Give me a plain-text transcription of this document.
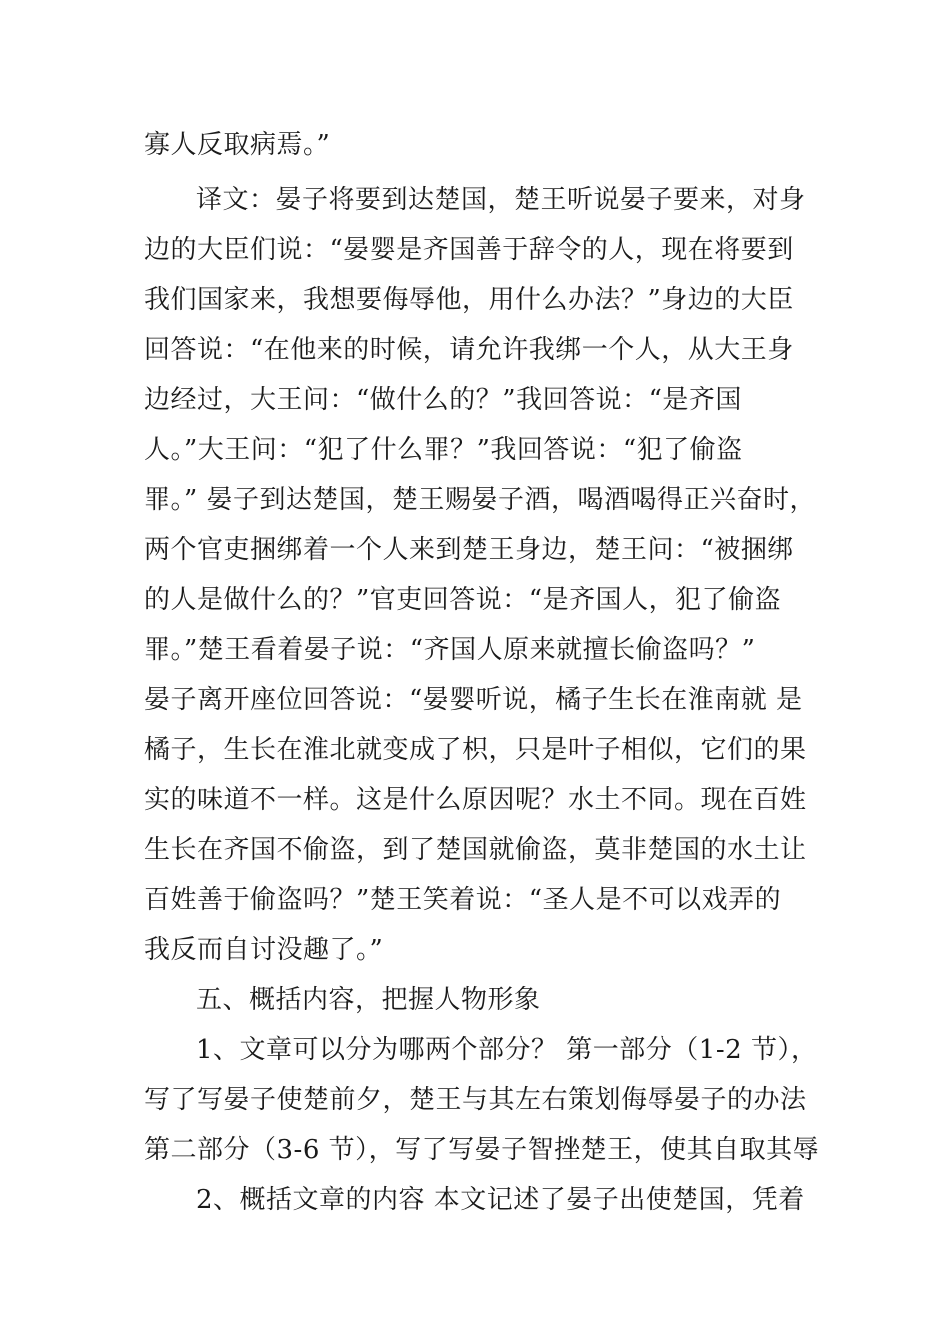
寡人反取病焉。”
译文：晏子将要到达楚国，楚王听说晏子要来，对身
边的大臣们说：“晏婴是齐国善于辞令的人，现在将要到
我们国家来，我想要侮辱他，用什么办法？”身边的大臣
回答说：“在他来的时候，请允许我绑一个人，从大王身
边经过，大王问：“做什么的？”我回答说：“是齐国
人。”大王问：“犯了什么罪？”我回答说：“犯了偷盗
罪。” 晏子到达楚国，楚王赐晏子酒，喝酒喝得正兴奋时，
两个官吏捆绑着一个人来到楚王身边，楚王问：“被捆绑
的人是做什么的？”官吏回答说：“是齐国人，犯了偷盗
罪。”楚王看着晏子说：“齐国人原来就擅长偷盗吗？”
晏子离开座位回答说：“晏婴听说，橘子生长在淮南就 是
橘子，生长在淮北就变成了枳，只是叶子相似，它们的果
实的味道不一样。这是什么原因呢？水土不同。现在百姓
生长在齐国不偷盗，到了楚国就偷盗，莫非楚国的水土让
百姓善于偷盗吗？”楚王笑着说：“圣人是不可以戏弄的
我反而自讨没趣了。”
五、概括内容，把握人物形象
1、文章可以分为哪两个部分？ 第一部分（1-2 节），
写了写晏子使楚前夕，楚王与其左右策划侮辱晏子的办法
第二部分（3-6 节），写了写晏子智挫楚王，使其自取其辱
2、概括文章的内容 本文记述了晏子出使楚国，凭着
